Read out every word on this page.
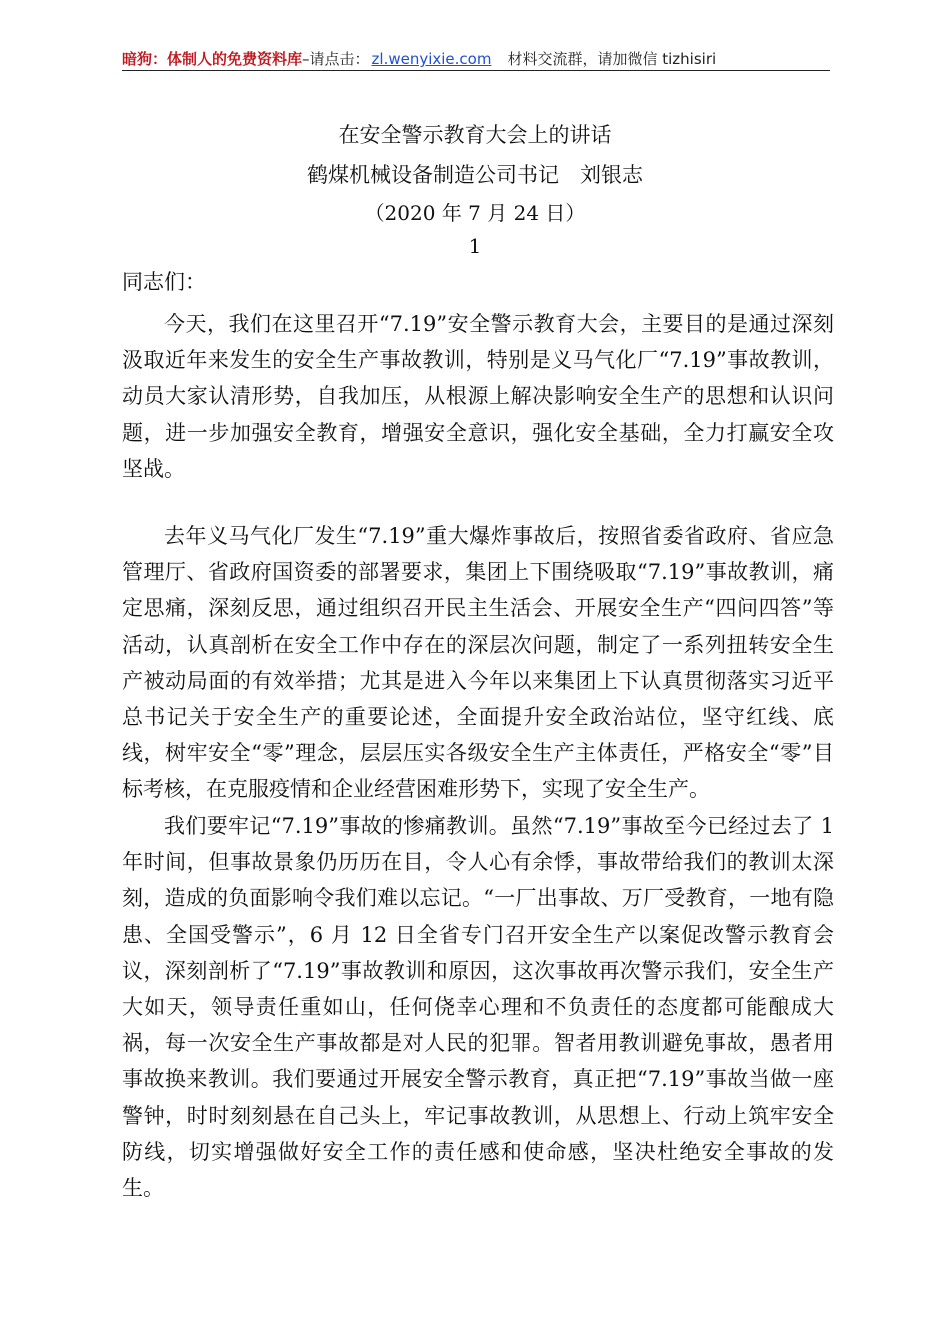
暗狗：体制人的免费资料库–请点击： zl.wenyixie.com 材料交流群，请加微信 tizhisiri
在安全警示教育大会上的讲话
鹤煤机械设备制造公司书记　刘银志
（2020 年 7 月 24 日）
1
同志们：
今天，我们在这里召开“7.19”安全警示教育大会，主要目的是通过深刻汲取近年来发生的安全生产事故教训，特别是义马气化厂“7.19”事故教训，动员大家认清形势，自我加压，从根源上解决影响安全生产的思想和认识问题，进一步加强安全教育，增强安全意识，强化安全基础，全力打赢安全攻坚战。
去年义马气化厂发生“7.19”重大爆炸事故后，按照省委省政府、省应急管理厅、省政府国资委的部署要求，集团上下围绕吸取“7.19”事故教训，痛定思痛，深刻反思，通过组织召开民主生活会、开展安全生产“四问四答”等活动，认真剖析在安全工作中存在的深层次问题，制定了一系列扭转安全生产被动局面的有效举措；尤其是进入今年以来集团上下认真贯彻落实习近平总书记关于安全生产的重要论述，全面提升安全政治站位，坚守红线、底线，树牢安全“零”理念，层层压实各级安全生产主体责任，严格安全“零”目标考核，在克服疫情和企业经营困难形势下，实现了安全生产。
我们要牢记“7.19”事故的惨痛教训。虽然“7.19”事故至今已经过去了 1 年时间，但事故景象仍历历在目，令人心有余悸，事故带给我们的教训太深刻，造成的负面影响令我们难以忘记。“一厂出事故、万厂受教育，一地有隐患、全国受警示”，6 月 12 日全省专门召开安全生产以案促改警示教育会议，深刻剖析了“7.19”事故教训和原因，这次事故再次警示我们，安全生产大如天，领导责任重如山，任何侥幸心理和不负责任的态度都可能酿成大祸，每一次安全生产事故都是对人民的犯罪。智者用教训避免事故，愚者用事故换来教训。我们要通过开展安全警示教育，真正把“7.19”事故当做一座警钟，时时刻刻悬在自己头上，牢记事故教训，从思想上、行动上筑牢安全防线，切实增强做好安全工作的责任感和使命感，坚决杜绝安全事故的发生。
